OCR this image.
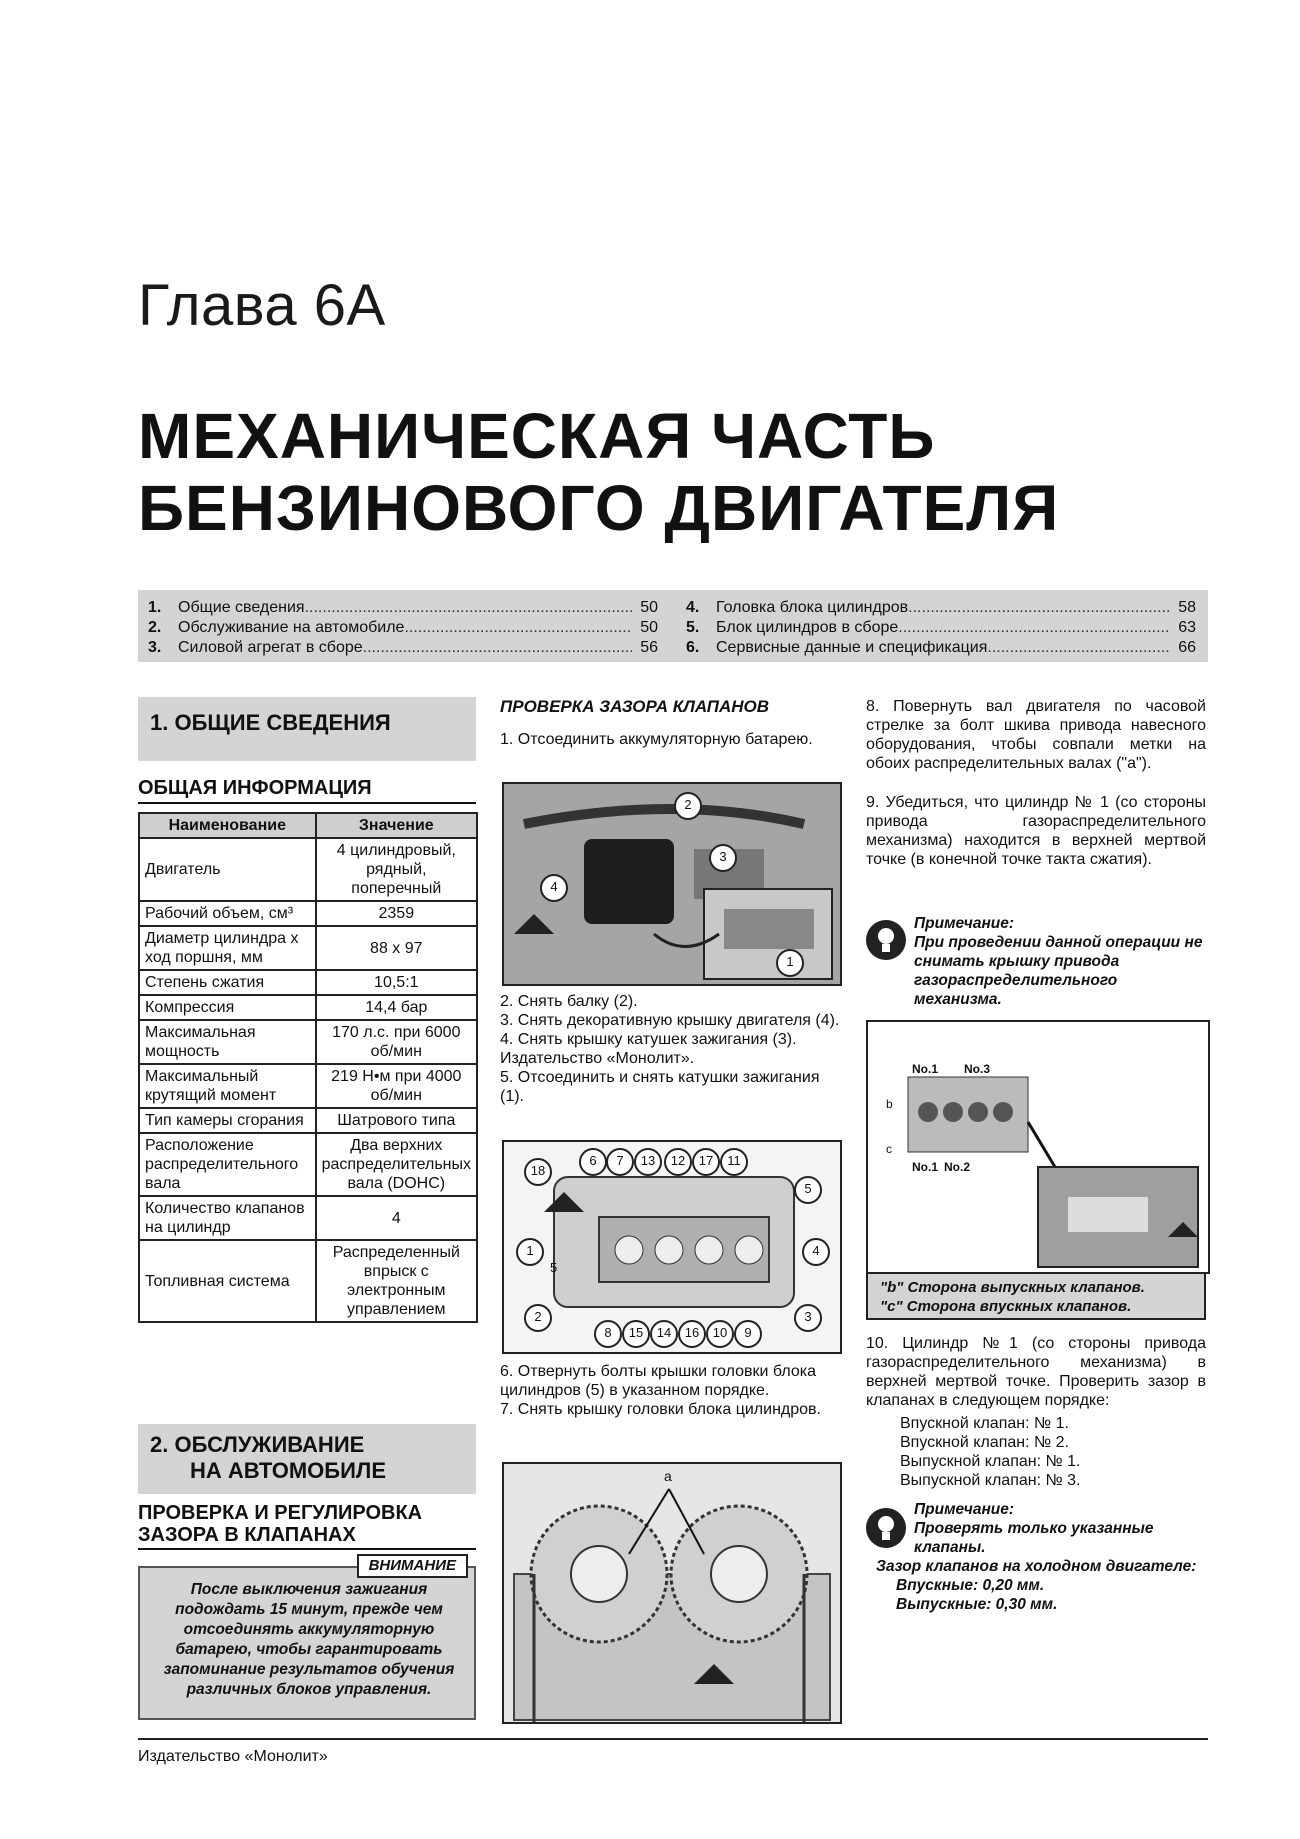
Глава 6А
МЕХАНИЧЕСКАЯ ЧАСТЬ
БЕНЗИНОВОГО ДВИГАТЕЛЯ
1.	Общие сведения .....	50
2.	Обслуживание на автомобиле .....	50
3.	Силовой агрегат в сборе .....	56
4.	Головка блока цилиндров .....	58
5.	Блок цилиндров в сборе .....	63
6.	Сервисные данные и спецификация .....	66
1. ОБЩИЕ СВЕДЕНИЯ
ОБЩАЯ ИНФОРМАЦИЯ
Наименование	Значение
Двигатель	4 цилиндровый, рядный, поперечный
Рабочий объем, см³	2359
Диаметр цилиндра х ход поршня, мм	88 x 97
Степень сжатия	10,5:1
Компрессия	14,4 бар
Максимальная мощность	170 л.с. при 6000 об/мин
Максимальный крутящий момент	219 Н•м при 4000 об/мин
Тип камеры сгорания	Шатрового типа
Расположение распределительного вала	Два верхних распределительных вала (DOHC)
Количество клапанов на цилиндр	4
Топливная система	Распределенный впрыск с электронным управлением
2. ОБСЛУЖИВАНИЕ
НА АВТОМОБИЛЕ
ПРОВЕРКА И РЕГУЛИРОВКА ЗАЗОРА В КЛАПАНАХ
ВНИМАНИЕ
После выключения зажигания подождать 15 минут, прежде чем отсоединять аккумуляторную батарею, чтобы гарантировать запоминание результатов обучения различных блоков управления.
ПРОВЕРКА ЗАЗОРА КЛАПАНОВ
1. Отсоединить аккумуляторную батарею.
2
3
4
1
2. Снять балку (2).
3. Снять декоративную крышку двигателя (4).
4. Снять крышку катушек зажигания (3). Издательство «Монолит».
5. Отсоединить и снять катушки зажигания (1).
18
6	7	13	12	17	11
5
4
3
2
1
5
8	15	14	16	10	9
6. Отвернуть болты крышки головки блока цилиндров (5) в указанном порядке.
7. Снять крышку головки блока цилиндров.
a
8. Повернуть вал двигателя по часовой стрелке за болт шкива привода навесного оборудования, чтобы совпали метки на обоих распределительных валах ("a").
9. Убедиться, что цилиндр № 1 (со стороны привода газораспределительного механизма) находится в верхней мертвой точке (в конечной точке такта сжатия).
Примечание:
При проведении данной операции не снимать крышку привода газораспределительного механизма.
No.1 No.3
No.1 No.2
b
c
"b" Сторона выпускных клапанов.
"c" Сторона впускных клапанов.
10. Цилиндр №1 (со стороны привода газораспределительного механизма) в верхней мертвой точке. Проверить зазор в клапанах в следующем порядке:
Впускной клапан: № 1.
Впускной клапан: № 2.
Выпускной клапан: № 1.
Выпускной клапан: № 3.
Примечание:
Проверять только указанные клапаны.
Зазор клапанов на холодном двигателе:
Впускные: 0,20 мм.
Выпускные: 0,30 мм.
Издательство «Монолит»
